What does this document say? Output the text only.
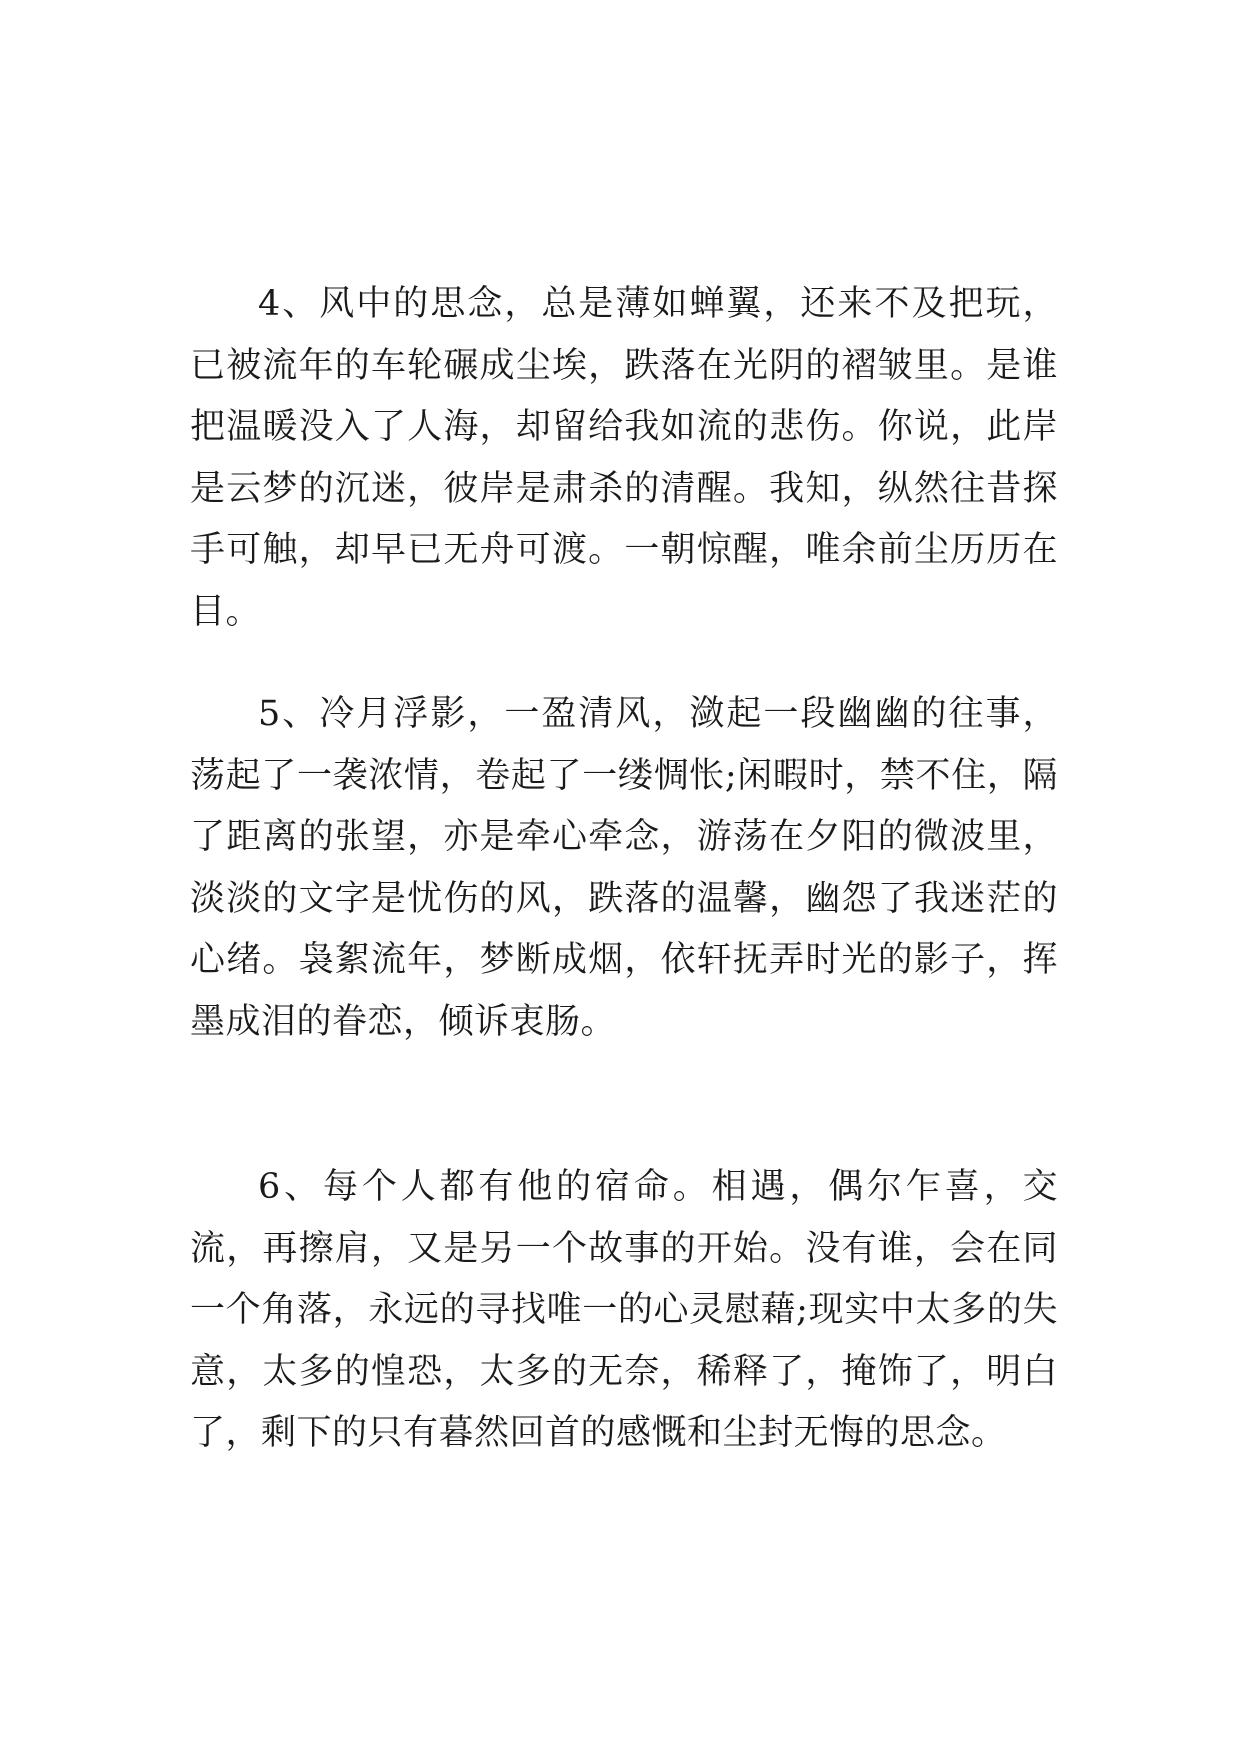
4、风中的思念，总是薄如蝉翼，还来不及把玩，已被流年的车轮碾成尘埃，跌落在光阴的褶皱里。是谁把温暖没入了人海，却留给我如流的悲伤。你说，此岸是云梦的沉迷，彼岸是肃杀的清醒。我知，纵然往昔探手可触，却早已无舟可渡。一朝惊醒，唯余前尘历历在目。

5、冷月浮影，一盈清风，潋起一段幽幽的往事，荡起了一袭浓情，卷起了一缕惆怅;闲暇时，禁不住，隔了距离的张望，亦是牵心牵念，游荡在夕阳的微波里，淡淡的文字是忧伤的风，跌落的温馨，幽怨了我迷茫的心绪。袅絮流年，梦断成烟，依轩抚弄时光的影子，挥墨成泪的眷恋，倾诉衷肠。

6、每个人都有他的宿命。相遇，偶尔乍喜，交流，再擦肩，又是另一个故事的开始。没有谁，会在同一个角落，永远的寻找唯一的心灵慰藉;现实中太多的失意，太多的惶恐，太多的无奈，稀释了，掩饰了，明白了，剩下的只有暮然回首的感慨和尘封无悔的思念。
